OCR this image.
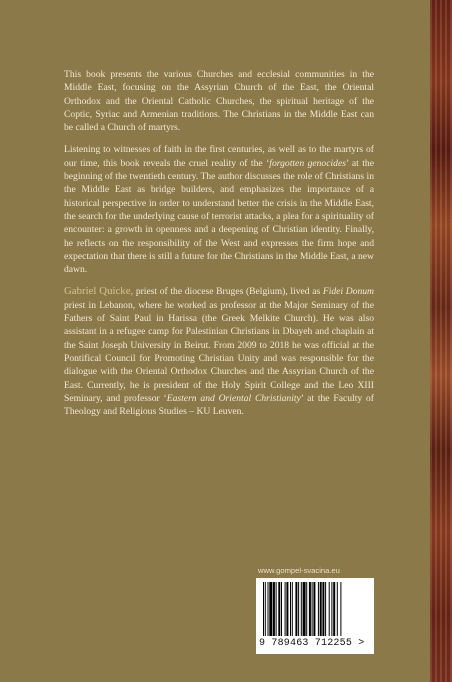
This book presents the various Churches and ecclesial communities in the Middle East, focusing on the Assyrian Church of the East, the Oriental Orthodox and the Oriental Catholic Churches, the spiritual heritage of the Coptic, Syriac and Armenian traditions. The Christians in the Middle East can be called a Church of martyrs.

Listening to witnesses of faith in the first centuries, as well as to the martyrs of our time, this book reveals the cruel reality of the ‘forgotten genocides’ at the beginning of the twentieth century. The author discusses the role of Christians in the Middle East as bridge builders, and emphasizes the importance of a historical perspective in order to understand better the crisis in the Middle East, the search for the underlying cause of terrorist attacks, a plea for a spirituality of encounter: a growth in openness and a deepening of Christian identity. Finally, he reflects on the responsibility of the West and expresses the firm hope and expectation that there is still a future for the Christians in the Middle East, a new dawn.

Gabriel Quicke, priest of the diocese Bruges (Belgium), lived as Fidei Donum priest in Lebanon, where he worked as professor at the Major Seminary of the Fathers of Saint Paul in Harissa (the Greek Melkite Church). He was also assistant in a refugee camp for Palestinian Christians in Dbayeh and chaplain at the Saint Joseph University in Beirut. From 2009 to 2018 he was official at the Pontifical Council for Promoting Christian Unity and was responsible for the dialogue with the Oriental Orthodox Churches and the Assyrian Church of the East. Currently, he is president of the Holy Spirit College and the Leo XIII Seminary, and professor ‘Eastern and Oriental Christianity’ at the Faculty of Theology and Religious Studies – KU Leuven.

www.gompel-svacina.eu
9 789463 712255 >
